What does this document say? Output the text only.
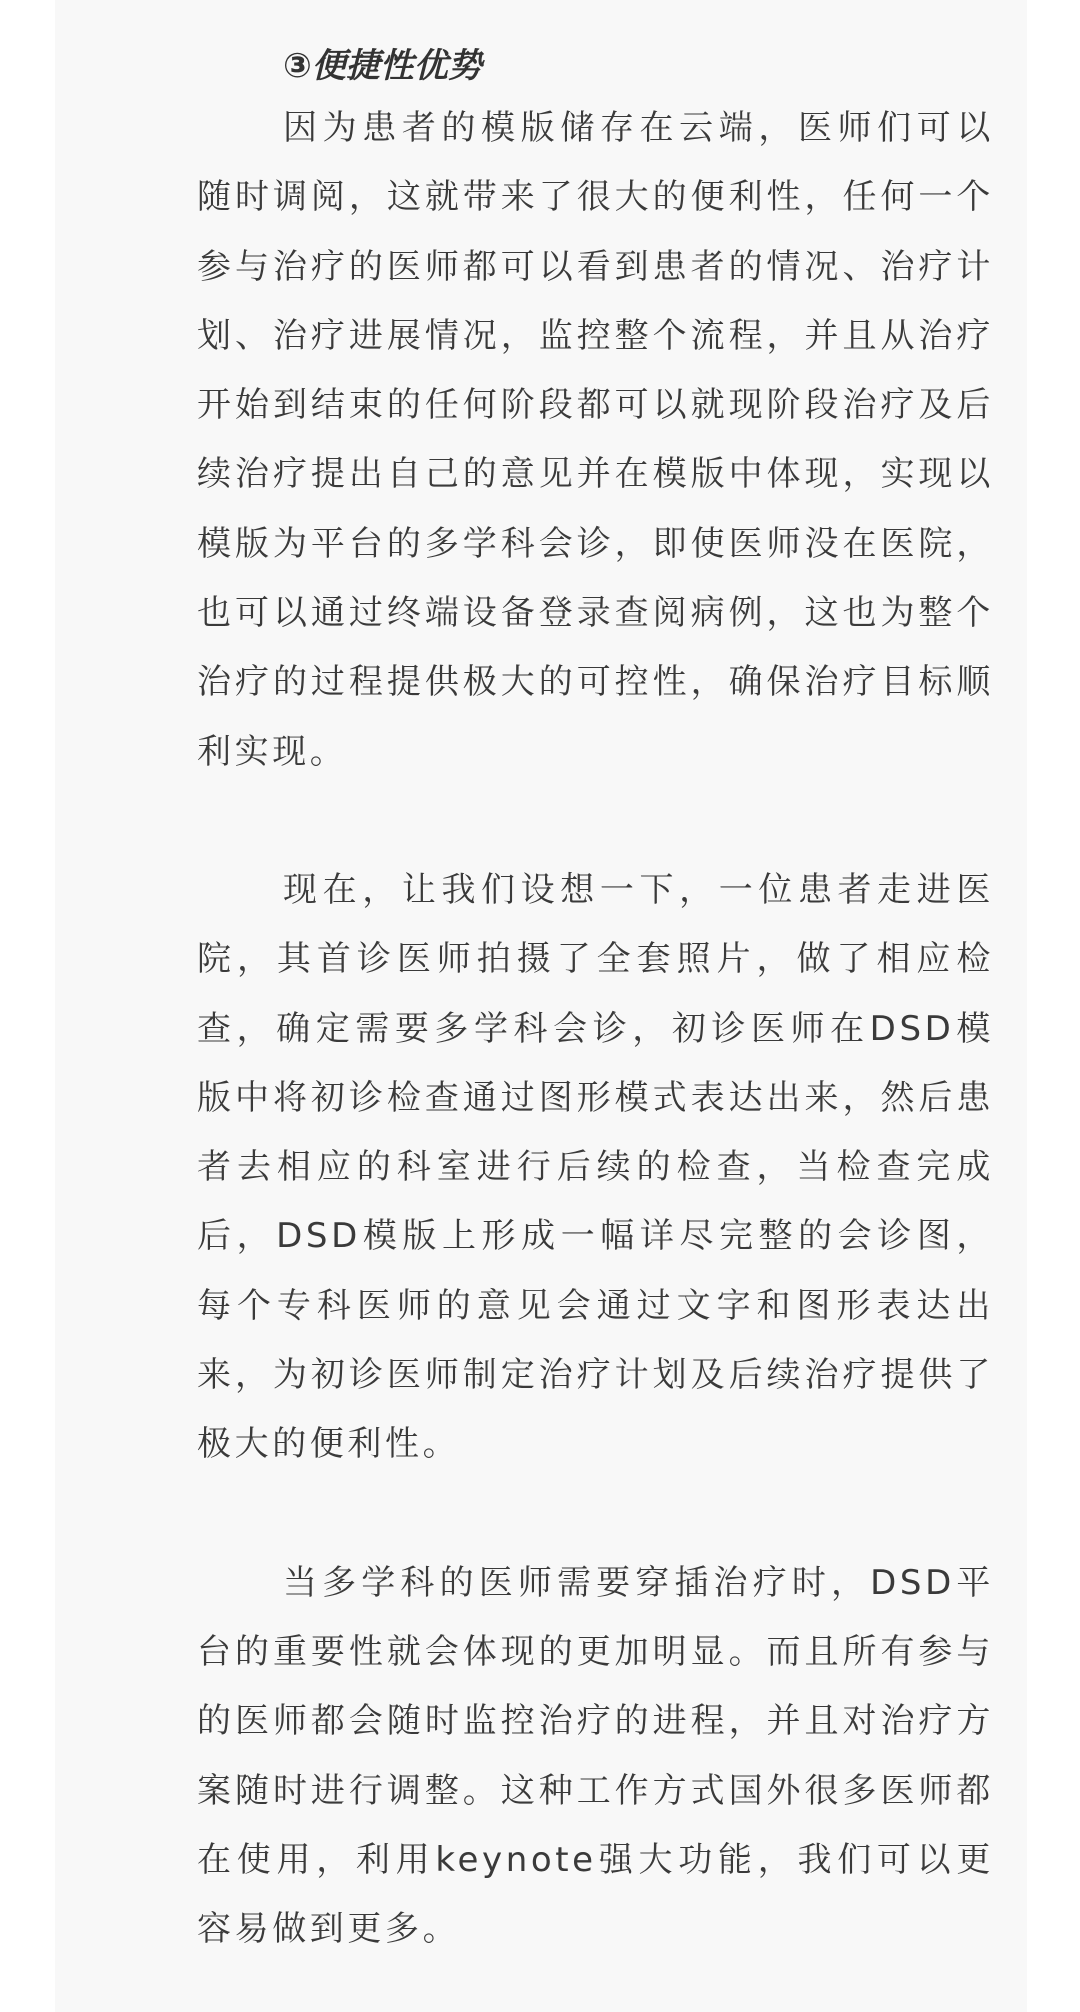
③便捷性优势

因为患者的模版储存在云端，医师们可以随时调阅，这就带来了很大的便利性，任何一个参与治疗的医师都可以看到患者的情况、治疗计划、治疗进展情况，监控整个流程，并且从治疗开始到结束的任何阶段都可以就现阶段治疗及后续治疗提出自己的意见并在模版中体现，实现以模版为平台的多学科会诊，即使医师没在医院，也可以通过终端设备登录查阅病例，这也为整个治疗的过程提供极大的可控性，确保治疗目标顺利实现。

现在，让我们设想一下，一位患者走进医院，其首诊医师拍摄了全套照片，做了相应检查，确定需要多学科会诊，初诊医师在DSD模版中将初诊检查通过图形模式表达出来，然后患者去相应的科室进行后续的检查，当检查完成后，DSD模版上形成一幅详尽完整的会诊图，每个专科医师的意见会通过文字和图形表达出来，为初诊医师制定治疗计划及后续治疗提供了极大的便利性。

当多学科的医师需要穿插治疗时，DSD平台的重要性就会体现的更加明显。而且所有参与的医师都会随时监控治疗的进程，并且对治疗方案随时进行调整。这种工作方式国外很多医师都在使用，利用keynote强大功能，我们可以更容易做到更多。
